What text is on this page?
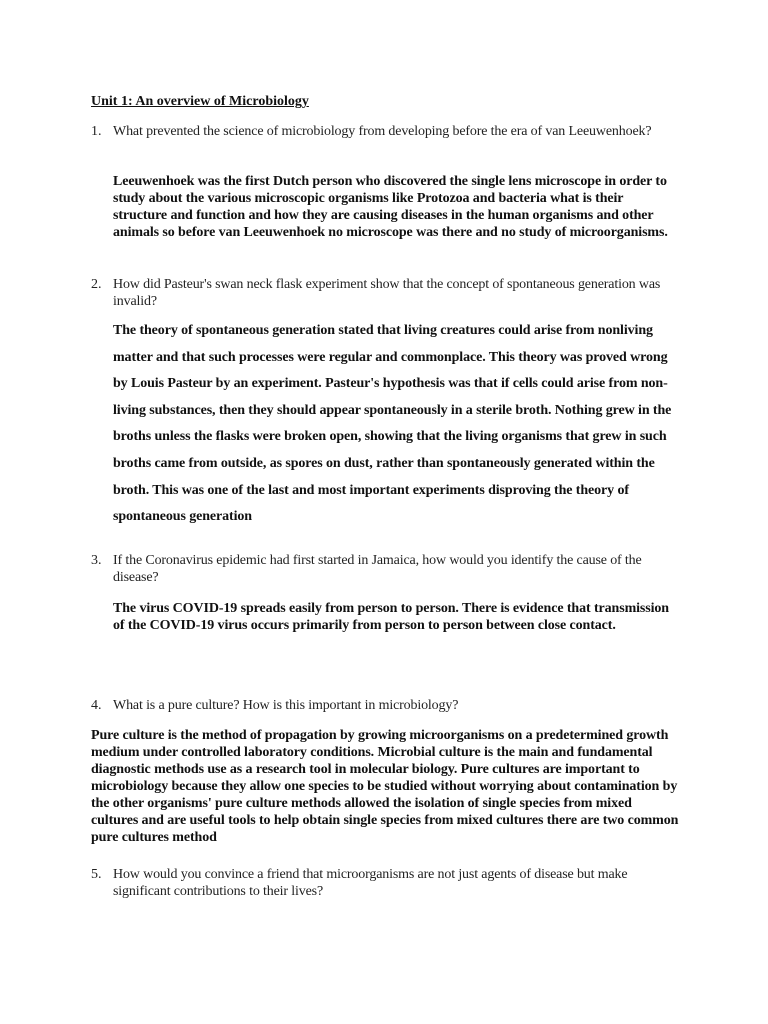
Unit 1: An overview of Microbiology
1. What prevented the science of microbiology from developing before the era of van Leeuwenhoek?
Leeuwenhoek was the first Dutch person who discovered the single lens microscope in order to study about the various microscopic organisms like Protozoa and bacteria what is their structure and function and how they are causing diseases in the human organisms and other animals so before van Leeuwenhoek no microscope was there and no study of microorganisms.
2. How did Pasteur's swan neck flask experiment show that the concept of spontaneous generation was invalid?
The theory of spontaneous generation stated that living creatures could arise from nonliving matter and that such processes were regular and commonplace. This theory was proved wrong by Louis Pasteur by an experiment. Pasteur's hypothesis was that if cells could arise from non-living substances, then they should appear spontaneously in a sterile broth. Nothing grew in the broths unless the flasks were broken open, showing that the living organisms that grew in such broths came from outside, as spores on dust, rather than spontaneously generated within the broth. This was one of the last and most important experiments disproving the theory of spontaneous generation
3. If the Coronavirus epidemic had first started in Jamaica, how would you identify the cause of the disease?
The virus COVID-19 spreads easily from person to person. There is evidence that transmission of the COVID-19 virus occurs primarily from person to person between close contact.
4. What is a pure culture? How is this important in microbiology?
Pure culture is the method of propagation by growing microorganisms on a predetermined growth medium under controlled laboratory conditions. Microbial culture is the main and fundamental diagnostic methods use as a research tool in molecular biology. Pure cultures are important to microbiology because they allow one species to be studied without worrying about contamination by the other organisms' pure culture methods allowed the isolation of single species from mixed cultures and are useful tools to help obtain single species from mixed cultures there are two common pure cultures method
5. How would you convince a friend that microorganisms are not just agents of disease but make significant contributions to their lives?
